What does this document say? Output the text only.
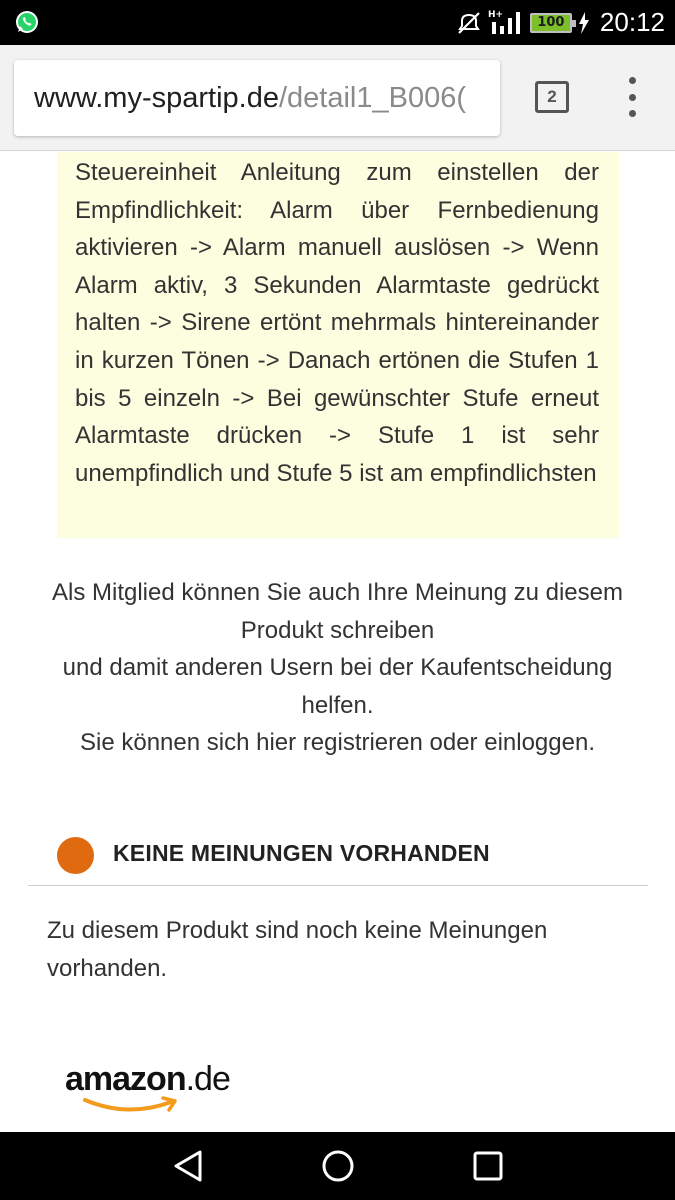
H+
100 20:12
www.my-spartip.de/detail1_B006(	2

Steuereinheit Anleitung zum einstellen der Empfindlichkeit: Alarm über Fernbedienung aktivieren -> Alarm manuell auslösen -> Wenn Alarm aktiv, 3 Sekunden Alarmtaste gedrückt halten -> Sirene ertönt mehrmals hintereinander in kurzen Tönen -> Danach ertönen die Stufen 1 bis 5 einzeln -> Bei gewünschter Stufe erneut Alarmtaste drücken -> Stufe 1 ist sehr unempfindlich und Stufe 5 ist am empfindlichsten

Als Mitglied können Sie auch Ihre Meinung zu diesem Produkt schreiben
und damit anderen Usern bei der Kaufentscheidung helfen.
Sie können sich hier registrieren oder einloggen.
KEINE MEINUNGEN VORHANDEN

Zu diesem Produkt sind noch keine Meinungen vorhanden.

amazon.de
